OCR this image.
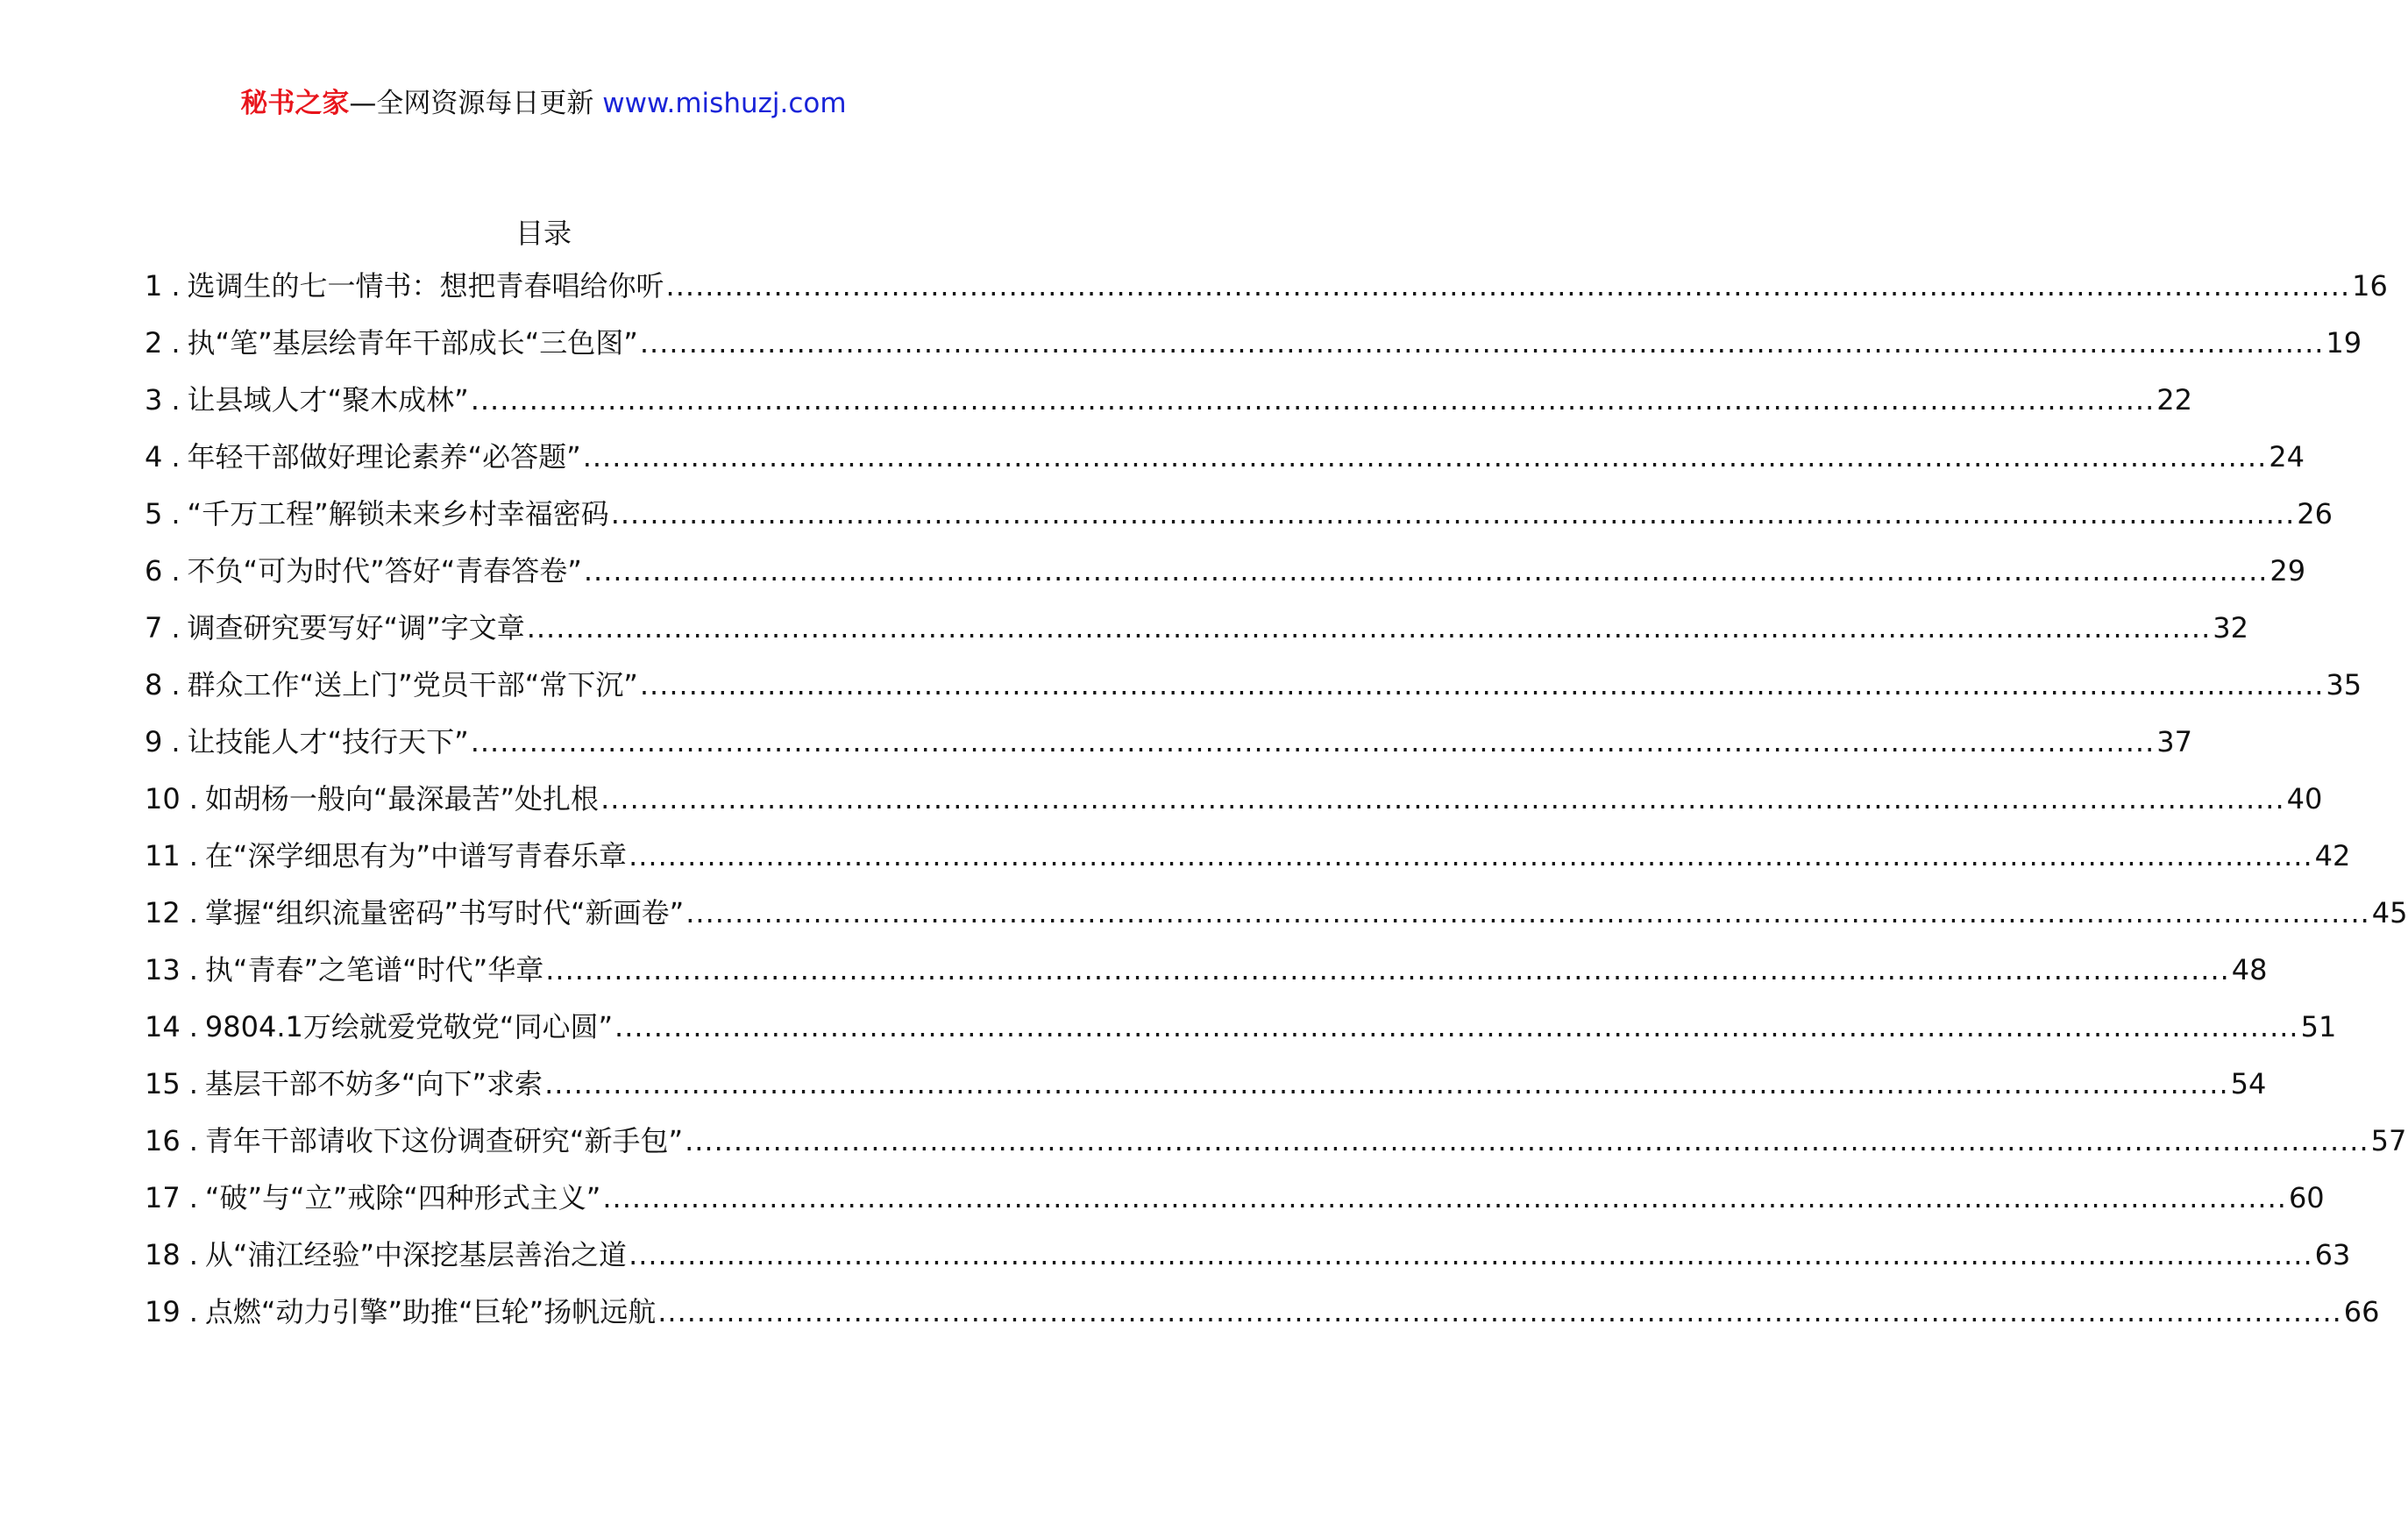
秘书之家—全网资源每日更新 www.mishuzj.com
目录
1 . 选调生的七一情书：想把青春唱给你听 .....	16
2 . 执“笔”基层绘青年干部成长“三色图” .....	19
3 . 让县域人才“聚木成林” .....	22
4 . 年轻干部做好理论素养“必答题” .....	24
5 . “千万工程”解锁未来乡村幸福密码 .....	26
6 . 不负“可为时代”答好“青春答卷” .....	29
7 . 调查研究要写好“调”字文章 .....	32
8 . 群众工作“送上门”党员干部“常下沉” .....	35
9 . 让技能人才“技行天下” .....	37
10 . 如胡杨一般向“最深最苦”处扎根 .....	40
11 . 在“深学细思有为”中谱写青春乐章 .....	42
12 . 掌握“组织流量密码”书写时代“新画卷” .....	45
13 . 执“青春”之笔谱“时代”华章 .....	48
14 . 9804.1万绘就爱党敬党“同心圆” .....	51
15 . 基层干部不妨多“向下”求索 .....	54
16 . 青年干部请收下这份调查研究“新手包” .....	57
17 . “破”与“立”戒除“四种形式主义” .....	60
18 . 从“浦江经验”中深挖基层善治之道 .....	63
19 . 点燃“动力引擎”助推“巨轮”扬帆远航 .....	66
